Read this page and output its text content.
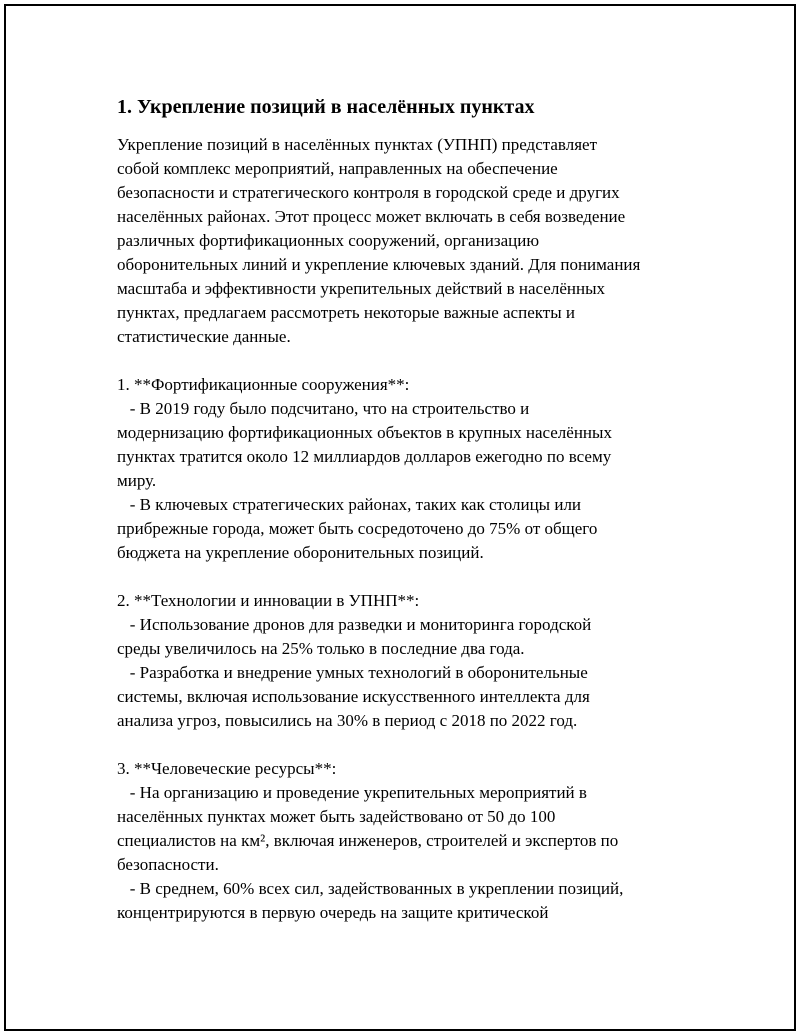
1. Укрепление позиций в населённых пунктах
Укрепление позиций в населённых пунктах (УПНП) представляет
собой комплекс мероприятий, направленных на обеспечение
безопасности и стратегического контроля в городской среде и других
населённых районах. Этот процесс может включать в себя возведение
различных фортификационных сооружений, организацию
оборонительных линий и укрепление ключевых зданий. Для понимания
масштаба и эффективности укрепительных действий в населённых
пунктах, предлагаем рассмотреть некоторые важные аспекты и
статистические данные.
1. **Фортификационные сооружения**:
- В 2019 году было подсчитано, что на строительство и
модернизацию фортификационных объектов в крупных населённых
пунктах тратится около 12 миллиардов долларов ежегодно по всему
миру.
- В ключевых стратегических районах, таких как столицы или
прибрежные города, может быть сосредоточено до 75% от общего
бюджета на укрепление оборонительных позиций.
2. **Технологии и инновации в УПНП**:
- Использование дронов для разведки и мониторинга городской
среды увеличилось на 25% только в последние два года.
- Разработка и внедрение умных технологий в оборонительные
системы, включая использование искусственного интеллекта для
анализа угроз, повысились на 30% в период с 2018 по 2022 год.
3. **Человеческие ресурсы**:
- На организацию и проведение укрепительных мероприятий в
населённых пунктах может быть задействовано от 50 до 100
специалистов на км², включая инженеров, строителей и экспертов по
безопасности.
- В среднем, 60% всех сил, задействованных в укреплении позиций,
концентрируются в первую очередь на защите критической
